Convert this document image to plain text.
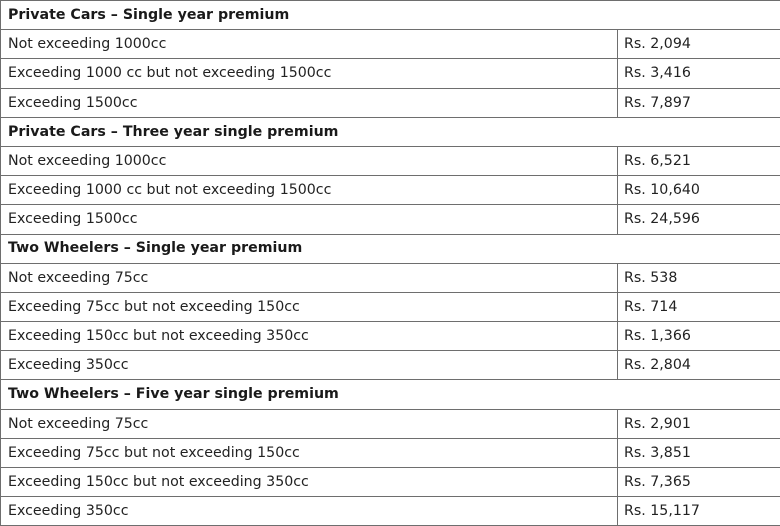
Private Cars – Single year premium	
Not exceeding 1000cc	Rs. 2,094
Exceeding 1000 cc but not exceeding 1500cc	Rs. 3,416
Exceeding 1500cc	Rs. 7,897
Private Cars – Three year single premium	
Not exceeding 1000cc	Rs. 6,521
Exceeding 1000 cc but not exceeding 1500cc	Rs. 10,640
Exceeding 1500cc	Rs. 24,596
Two Wheelers – Single year premium	
Not exceeding 75cc	Rs. 538
Exceeding 75cc but not exceeding 150cc	Rs. 714
Exceeding 150cc but not exceeding 350cc	Rs. 1,366
Exceeding 350cc	Rs. 2,804
Two Wheelers – Five year single premium	
Not exceeding 75cc	Rs. 2,901
Exceeding 75cc but not exceeding 150cc	Rs. 3,851
Exceeding 150cc but not exceeding 350cc	Rs. 7,365
Exceeding 350cc	Rs. 15,117
